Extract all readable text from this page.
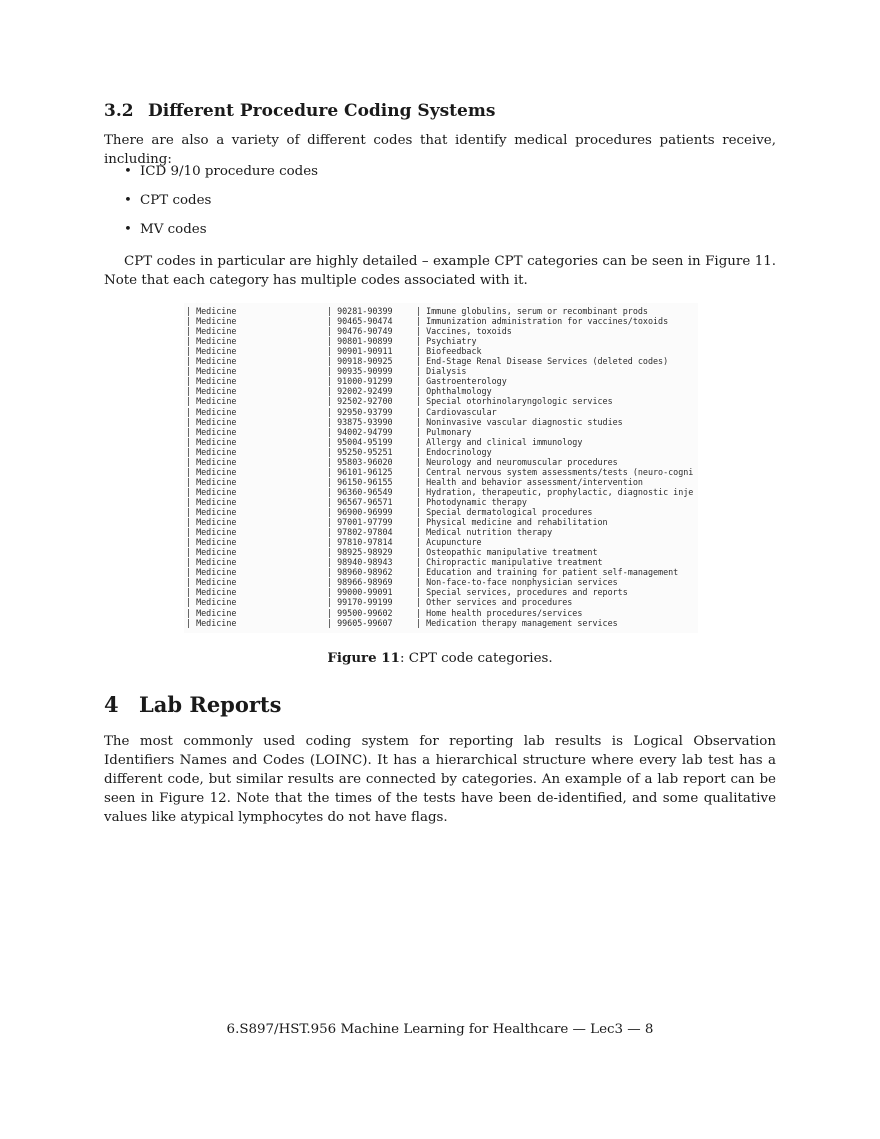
3.2 Different Procedure Coding Systems

There are also a variety of different codes that identify medical procedures patients receive, including:

• ICD 9/10 procedure codes
• CPT codes
• MV codes

CPT codes in particular are highly detailed – example CPT categories can be seen in Figure 11. Note that each category has multiple codes associated with it.

| Medicine	| 90281-90399	| Immune globulins, serum or recombinant prods
| Medicine	| 90465-90474	| Immunization administration for vaccines/toxoids
| Medicine	| 90476-90749	| Vaccines, toxoids
| Medicine	| 90801-90899	| Psychiatry
| Medicine	| 90901-90911	| Biofeedback
| Medicine	| 90918-90925	| End-Stage Renal Disease Services (deleted codes)
| Medicine	| 90935-90999	| Dialysis
| Medicine	| 91000-91299	| Gastroenterology
| Medicine	| 92002-92499	| Ophthalmology
| Medicine	| 92502-92700	| Special otorhinolaryngologic services
| Medicine	| 92950-93799	| Cardiovascular
| Medicine	| 93875-93990	| Noninvasive vascular diagnostic studies
| Medicine	| 94002-94799	| Pulmonary
| Medicine	| 95004-95199	| Allergy and clinical immunology
| Medicine	| 95250-95251	| Endocrinology
| Medicine	| 95803-96020	| Neurology and neuromuscular procedures
| Medicine	| 96101-96125	| Central nervous system assessments/tests (neuro-cogni
| Medicine	| 96150-96155	| Health and behavior assessment/intervention
| Medicine	| 96360-96549	| Hydration, therapeutic, prophylactic, diagnostic inje
| Medicine	| 96567-96571	| Photodynamic therapy
| Medicine	| 96900-96999	| Special dermatological procedures
| Medicine	| 97001-97799	| Physical medicine and rehabilitation
| Medicine	| 97802-97804	| Medical nutrition therapy
| Medicine	| 97810-97814	| Acupuncture
| Medicine	| 98925-98929	| Osteopathic manipulative treatment
| Medicine	| 98940-98943	| Chiropractic manipulative treatment
| Medicine	| 98960-98962	| Education and training for patient self-management
| Medicine	| 98966-98969	| Non-face-to-face nonphysician services
| Medicine	| 99000-99091	| Special services, procedures and reports
| Medicine	| 99170-99199	| Other services and procedures
| Medicine	| 99500-99602	| Home health procedures/services
| Medicine	| 99605-99607	| Medication therapy management services

Figure 11: CPT code categories.

4 Lab Reports

The most commonly used coding system for reporting lab results is Logical Observation Identifiers Names and Codes (LOINC). It has a hierarchical structure where every lab test has a different code, but similar results are connected by categories. An example of a lab report can be seen in Figure 12. Note that the times of the tests have been de-identified, and some qualitative values like atypical lymphocytes do not have flags.

6.S897/HST.956 Machine Learning for Healthcare — Lec3 — 8
